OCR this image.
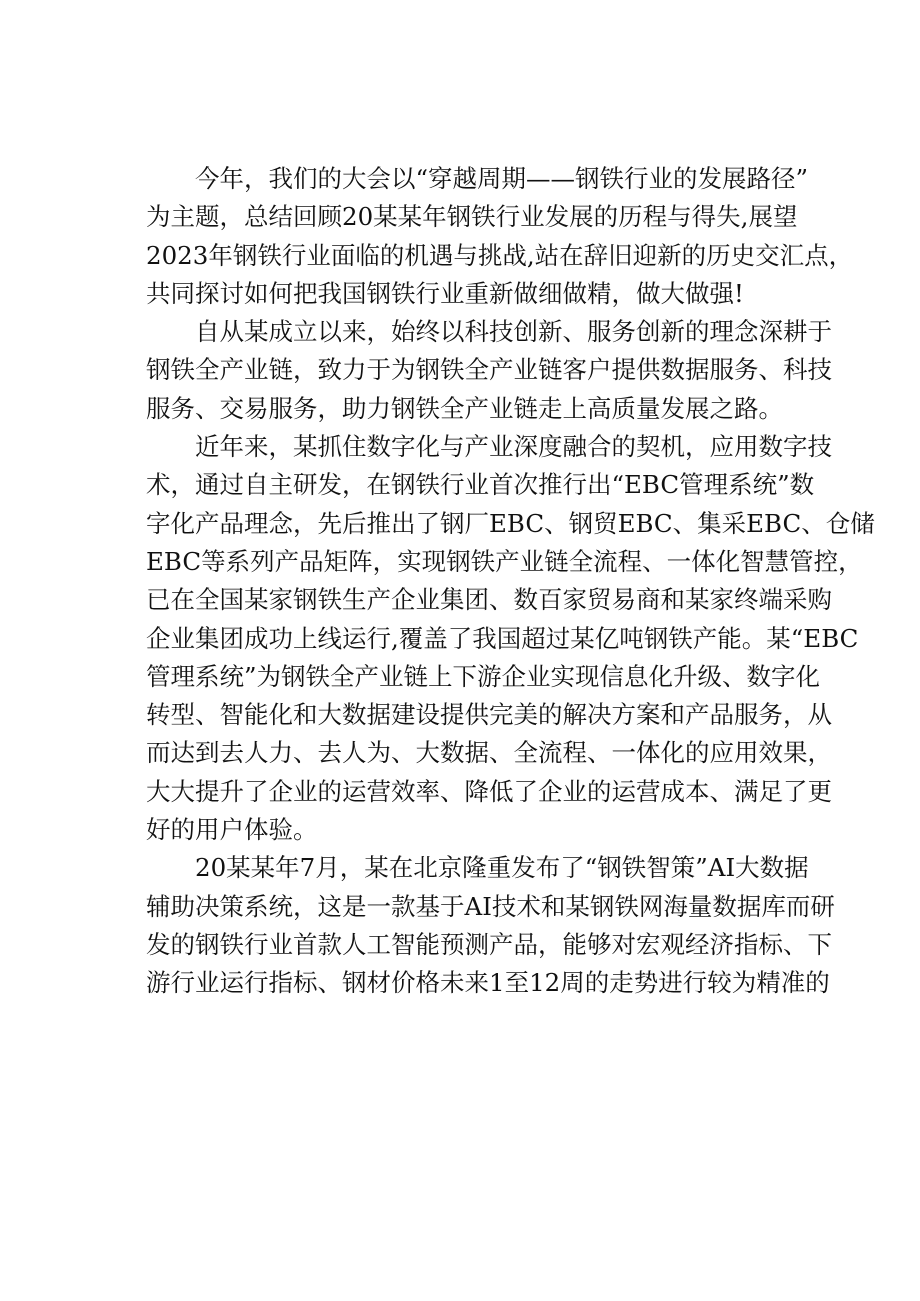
今年，我们的大会以“穿越周期——钢铁行业的发展路径”
为主题，总结回顾20某某年钢铁行业发展的历程与得失,展望
2023年钢铁行业面临的机遇与挑战,站在辞旧迎新的历史交汇点，
共同探讨如何把我国钢铁行业重新做细做精，做大做强!
自从某成立以来，始终以科技创新、服务创新的理念深耕于
钢铁全产业链，致力于为钢铁全产业链客户提供数据服务、科技
服务、交易服务，助力钢铁全产业链走上高质量发展之路。
近年来，某抓住数字化与产业深度融合的契机，应用数字技
术，通过自主研发，在钢铁行业首次推行出“EBC管理系统”数
字化产品理念，先后推出了钢厂EBC、钢贸EBC、集采EBC、仓储
EBC等系列产品矩阵，实现钢铁产业链全流程、一体化智慧管控，
已在全国某家钢铁生产企业集团、数百家贸易商和某家终端采购
企业集团成功上线运行,覆盖了我国超过某亿吨钢铁产能。某“EBC
管理系统”为钢铁全产业链上下游企业实现信息化升级、数字化
转型、智能化和大数据建设提供完美的解决方案和产品服务，从
而达到去人力、去人为、大数据、全流程、一体化的应用效果，
大大提升了企业的运营效率、降低了企业的运营成本、满足了更
好的用户体验。
20某某年7月，某在北京隆重发布了“钢铁智策”AI大数据
辅助决策系统，这是一款基于AI技术和某钢铁网海量数据库而研
发的钢铁行业首款人工智能预测产品，能够对宏观经济指标、下
游行业运行指标、钢材价格未来1至12周的走势进行较为精准的
